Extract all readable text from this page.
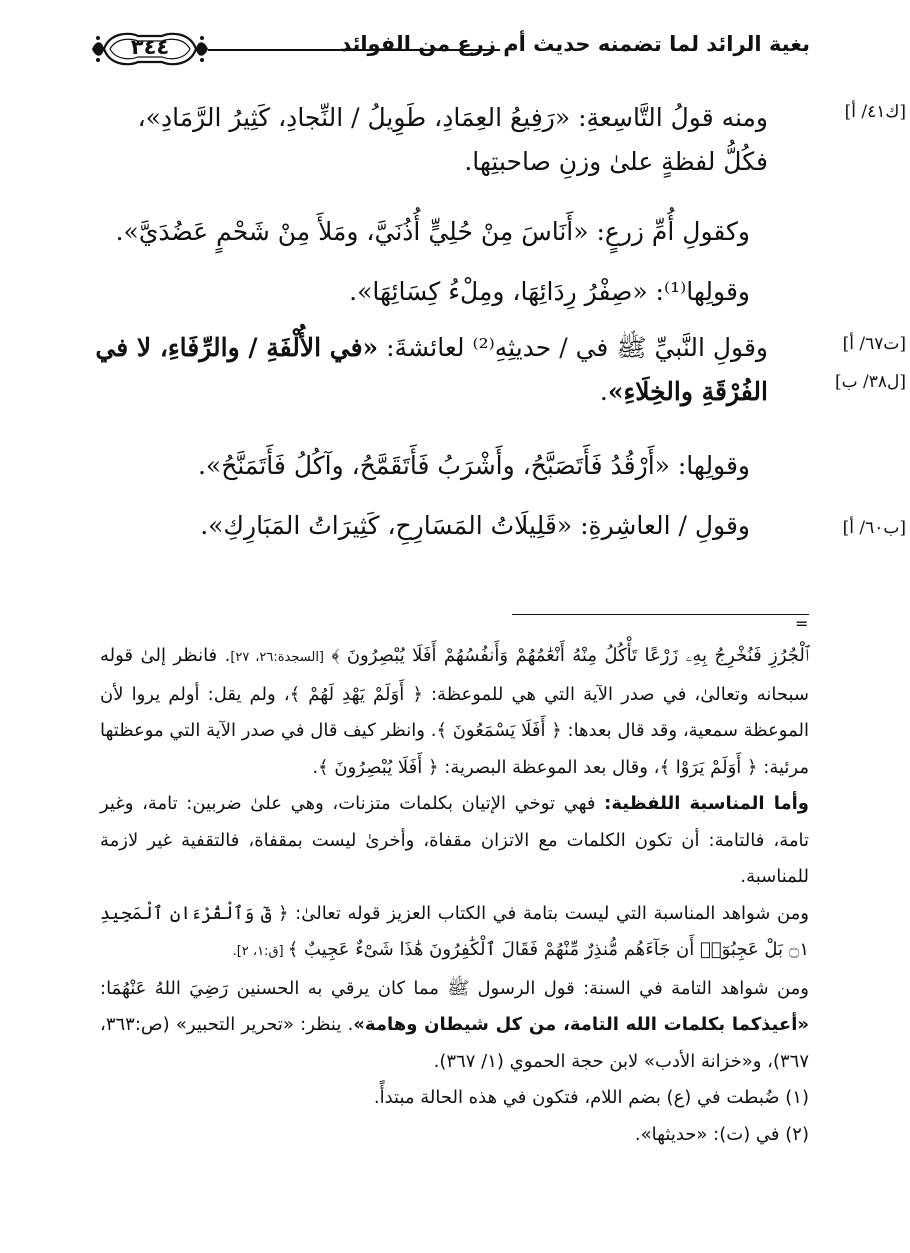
٣٤٤	بغية الرائد لما تضمنه حديث أم زرع من الفوائد
[ك٤١/ أ]
[ت٦٧/ أ]
[ل٣٨/ ب]
[ب٦٠/ أ]
ومنه قولُ التَّاسِعةِ: «رَفِيعُ العِمَادِ، طَوِيلُ / النِّجادِ، كَثِيرُ الرَّمَادِ»، فكُلُّ لفظةٍ علىٰ وزنِ صاحبتِها.
وكقولِ أُمِّ زرعٍ: «أَنَاسَ مِنْ حُلِيٍّ أُذُنَيَّ، ومَلأَ مِنْ شَحْمٍ عَضُدَيَّ».
وقولِها⁽¹⁾: «صِفْرُ رِدَائِهَا، ومِلْءُ كِسَائِهَا».
وقولِ النَّبيِّ ﷺ في / حديثِهِ⁽²⁾ لعائشةَ: «في الأُلْفَةِ / والرِّفَاءِ، لا في الفُرْقَةِ والخِلَاءِ».
وقولِها: «أَرْقُدُ فَأَتَصَبَّحُ، وأَشْرَبُ فَأَتَقَمَّحُ، وآكُلُ فَأَتَمَنَّحُ».
وقولِ / العاشِرةِ: «قَلِيلَاتُ المَسَارِحِ، كَثِيرَاتُ المَبَارِكِ».
=

ٱلْجُرُزِ فَنُخْرِجُ بِهِۦ زَرْعًا تَأْكُلُ مِنْهُ أَنْعَٰمُهُمْ وَأَنفُسُهُمْ أَفَلَا يُبْصِرُونَ ﴾ [السجدة:٢٦، ٢٧]. فانظر إلىٰ قوله سبحانه وتعالىٰ، في صدر الآية التي هي للموعظة: ﴿ أَوَلَمْ يَهْدِ لَهُمْ ﴾، ولم يقل: أولم يروا لأن الموعظة سمعية، وقد قال بعدها: ﴿ أَفَلَا يَسْمَعُونَ ﴾. وانظر كيف قال في صدر الآية التي موعظتها مرئية: ﴿ أَوَلَمْ يَرَوْا ﴾، وقال بعد الموعظة البصرية: ﴿ أَفَلَا يُبْصِرُونَ ﴾.

وأما المناسبة اللفظية: فهي توخي الإتيان بكلمات متزنات، وهي علىٰ ضربين: تامة، وغير تامة، فالتامة: أن تكون الكلمات مع الاتزان مقفاة، وأخرىٰ ليست بمقفاة، فالتقفية غير لازمة للمناسبة.

ومن شواهد المناسبة التي ليست بتامة في الكتاب العزيز قوله تعالىٰ: ﴿ قٓ وَٱلْقُرْءَانِ ٱلْمَجِيدِ ۝١ بَلْ عَجِبُوٓا۟ أَن جَآءَهُم مُّنذِرٌ مِّنْهُمْ فَقَالَ ٱلْكَٰفِرُونَ هَٰذَا شَىْءٌ عَجِيبٌ ﴾ [ق:١، ٢].

ومن شواهد التامة في السنة: قول الرسول ﷺ مما كان يرقي به الحسنين رَضِيَ اللهُ عَنْهُمَا: «أعيذكما بكلمات الله التامة، من كل شيطان وهامة». ينظر: «تحرير التحبير» (ص:٣٦٣، ٣٦٧)، و«خزانة الأدب» لابن حجة الحموي (١/ ٣٦٧).

(١) ضُبطت في (ع) بضم اللام، فتكون في هذه الحالة مبتدأً.

(٢) في (ت): «حديثها».
